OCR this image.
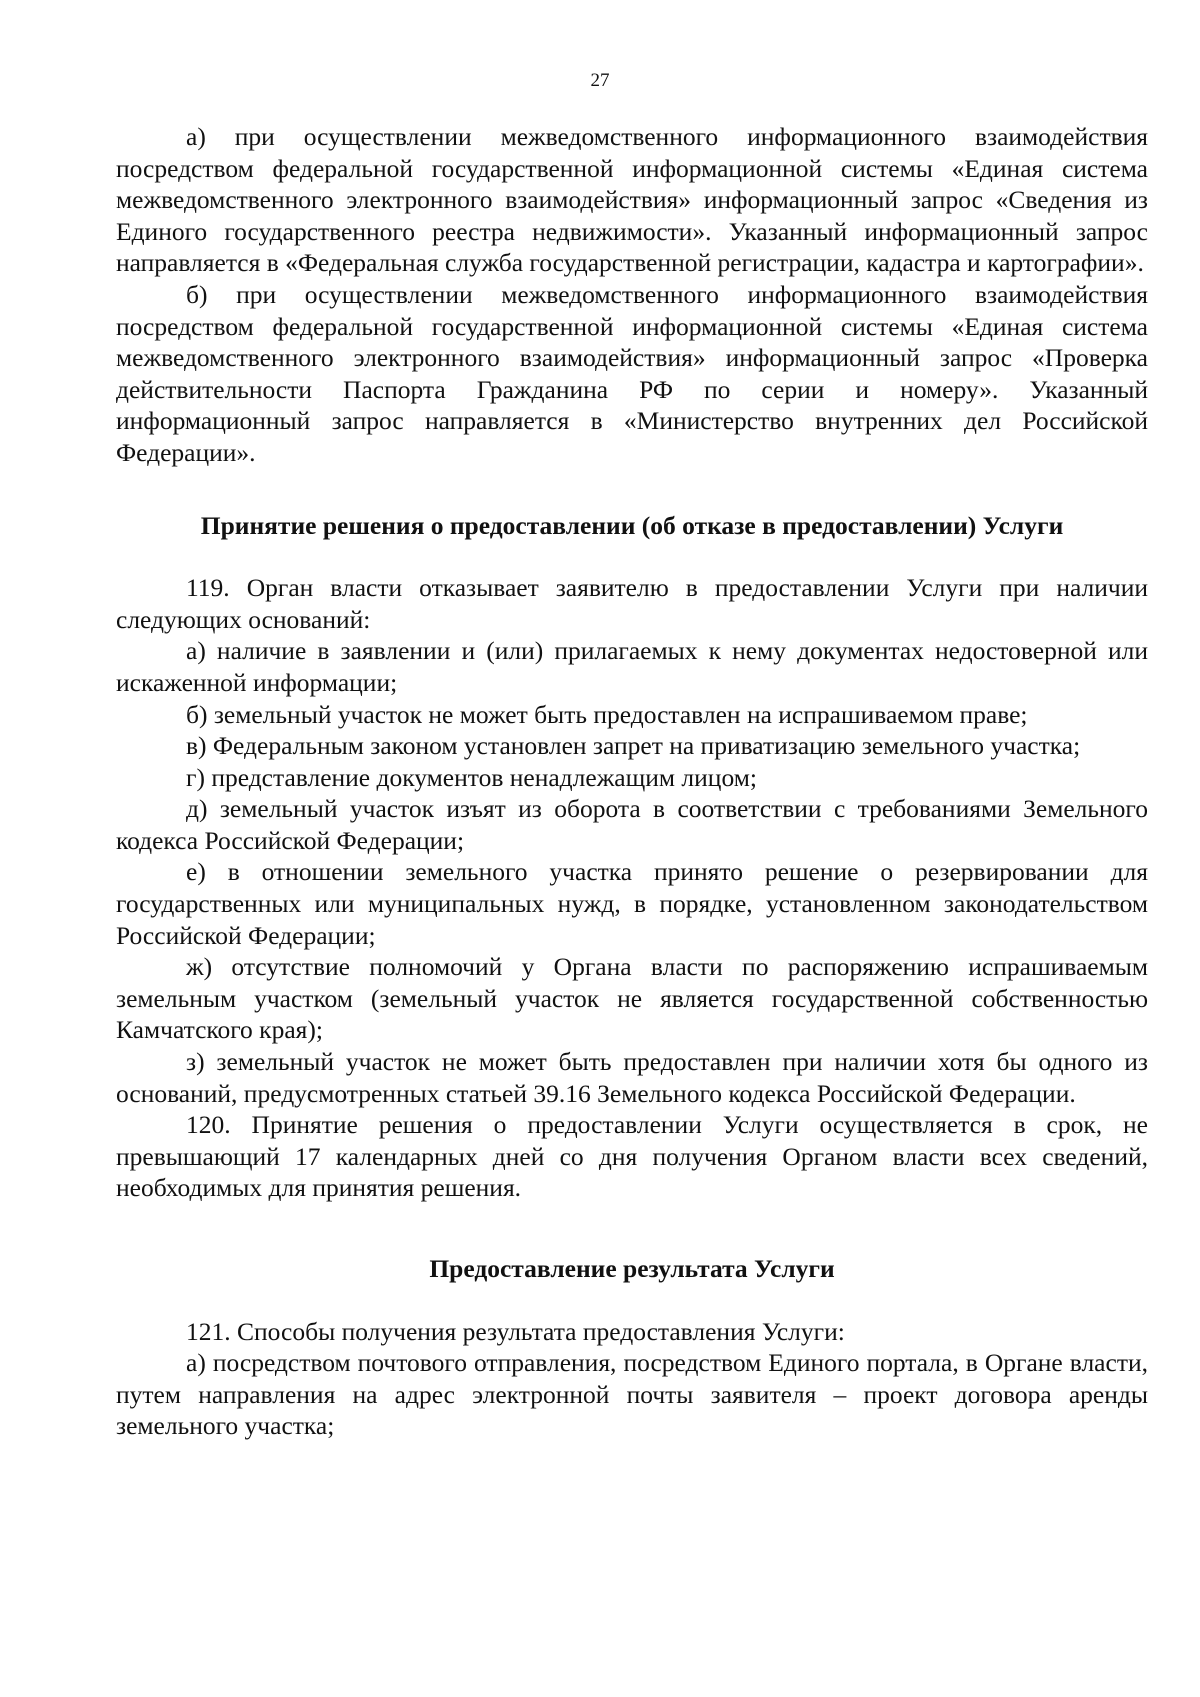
27

а) при осуществлении межведомственного информационного взаимодействия посредством федеральной государственной информационной системы «Единая система межведомственного электронного взаимодействия» информационный запрос «Сведения из Единого государственного реестра недвижимости». Указанный информационный запрос направляется в «Федеральная служба государственной регистрации, кадастра и картографии».

б) при осуществлении межведомственного информационного взаимодействия посредством федеральной государственной информационной системы «Единая система межведомственного электронного взаимодействия» информационный запрос «Проверка действительности Паспорта Гражданина РФ по серии и номеру». Указанный информационный запрос направляется в «Министерство внутренних дел Российской Федерации».

Принятие решения о предоставлении (об отказе в предоставлении) Услуги

119. Орган власти отказывает заявителю в предоставлении Услуги при наличии следующих оснований:

а) наличие в заявлении и (или) прилагаемых к нему документах недостоверной или искаженной информации;

б) земельный участок не может быть предоставлен на испрашиваемом праве;

в) Федеральным законом установлен запрет на приватизацию земельного участка;

г) представление документов ненадлежащим лицом;

д) земельный участок изъят из оборота в соответствии с требованиями Земельного кодекса Российской Федерации;

е) в отношении земельного участка принято решение о резервировании для государственных или муниципальных нужд, в порядке, установленном законодательством Российской Федерации;

ж) отсутствие полномочий у Органа власти по распоряжению испрашиваемым земельным участком (земельный участок не является государственной собственностью Камчатского края);

з) земельный участок не может быть предоставлен при наличии хотя бы одного из оснований, предусмотренных статьей 39.16 Земельного кодекса Российской Федерации.

120. Принятие решения о предоставлении Услуги осуществляется в срок, не превышающий 17 календарных дней со дня получения Органом власти всех сведений, необходимых для принятия решения.

Предоставление результата Услуги

121. Способы получения результата предоставления Услуги:

а) посредством почтового отправления, посредством Единого портала, в Органе власти, путем направления на адрес электронной почты заявителя – проект договора аренды земельного участка;
